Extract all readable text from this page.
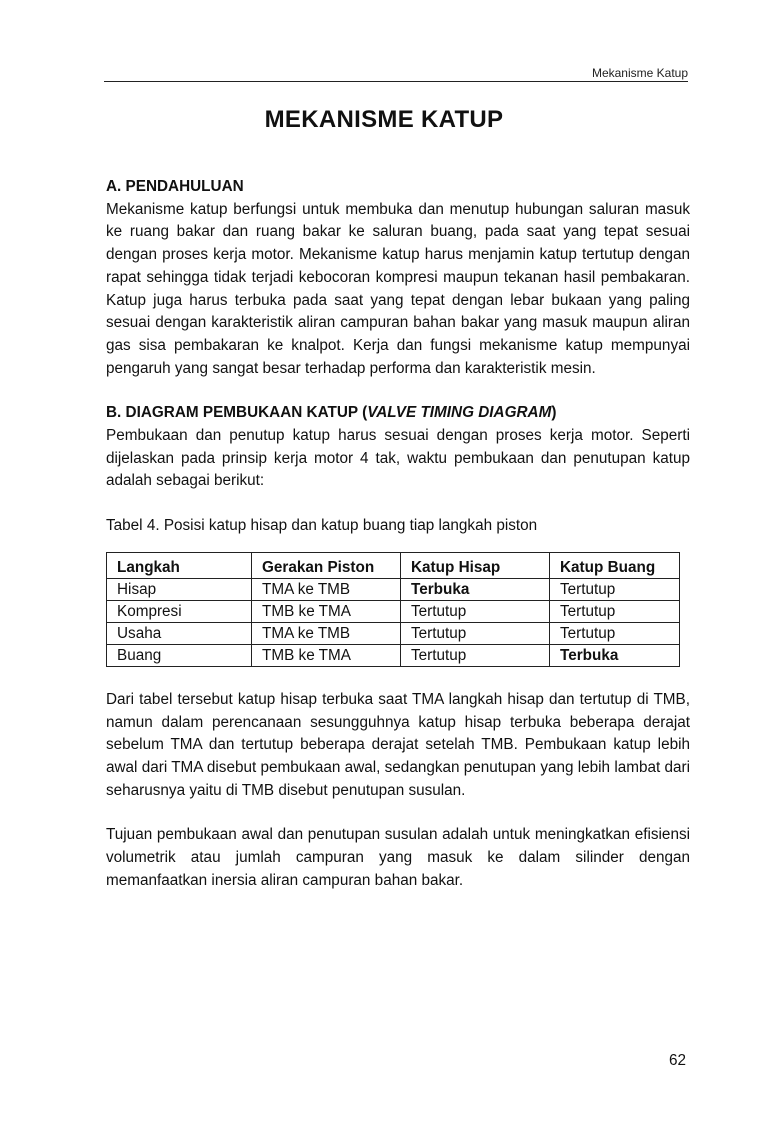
Mekanisme Katup
MEKANISME KATUP

A. PENDAHULUAN

Mekanisme katup berfungsi untuk membuka dan menutup hubungan saluran masuk ke ruang bakar dan ruang bakar ke saluran buang, pada saat yang tepat sesuai dengan proses kerja motor. Mekanisme katup harus menjamin katup tertutup dengan rapat sehingga tidak terjadi kebocoran kompresi maupun tekanan hasil pembakaran. Katup juga harus terbuka pada saat yang tepat dengan lebar bukaan yang paling sesuai dengan karakteristik aliran campuran bahan bakar yang masuk maupun aliran gas sisa pembakaran ke knalpot. Kerja dan fungsi mekanisme katup mempunyai pengaruh yang sangat besar terhadap performa dan karakteristik mesin.

B. DIAGRAM PEMBUKAAN KATUP (VALVE TIMING DIAGRAM)

Pembukaan dan penutup katup harus sesuai dengan proses kerja motor. Seperti dijelaskan pada prinsip kerja motor 4 tak, waktu pembukaan dan penutupan katup adalah sebagai berikut:

Tabel 4. Posisi katup hisap dan katup buang tiap langkah piston

Langkah	Gerakan Piston	Katup Hisap	Katup Buang
Hisap	TMA ke TMB	Terbuka	Tertutup
Kompresi	TMB ke TMA	Tertutup	Tertutup
Usaha	TMA ke TMB	Tertutup	Tertutup
Buang	TMB ke TMA	Tertutup	Terbuka

Dari tabel tersebut katup hisap terbuka saat TMA langkah hisap dan tertutup di TMB, namun dalam perencanaan sesungguhnya katup hisap terbuka beberapa derajat sebelum TMA dan tertutup beberapa derajat setelah TMB. Pembukaan katup lebih awal dari TMA disebut pembukaan awal, sedangkan penutupan yang lebih lambat dari seharusnya yaitu di TMB disebut penutupan susulan.

Tujuan pembukaan awal dan penutupan susulan adalah untuk meningkatkan efisiensi volumetrik atau jumlah campuran yang masuk ke dalam silinder dengan memanfaatkan inersia aliran campuran bahan bakar.

62
